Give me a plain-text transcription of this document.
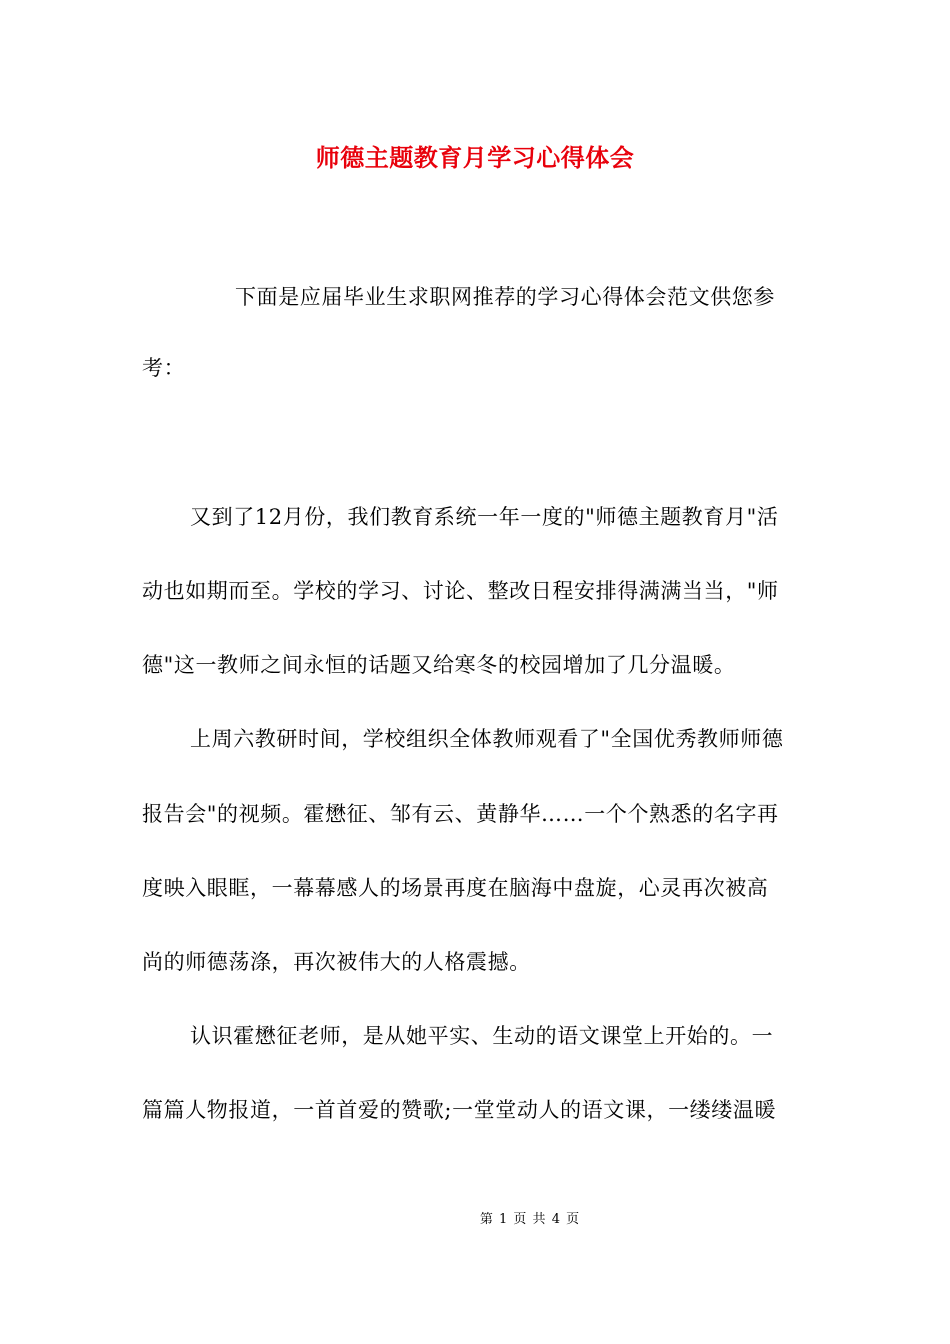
师德主题教育月学习心得体会
下面是应届毕业生求职网推荐的学习心得体会范文供您参
考：
又到了12月份，我们教育系统一年一度的"师德主题教育月"活
动也如期而至。学校的学习、讨论、整改日程安排得满满当当，"师
德"这一教师之间永恒的话题又给寒冬的校园增加了几分温暖。
上周六教研时间，学校组织全体教师观看了"全国优秀教师师德
报告会"的视频。霍懋征、邹有云、黄静华……一个个熟悉的名字再
度映入眼眶，一幕幕感人的场景再度在脑海中盘旋，心灵再次被高
尚的师德荡涤，再次被伟大的人格震撼。
认识霍懋征老师，是从她平实、生动的语文课堂上开始的。一
篇篇人物报道，一首首爱的赞歌;一堂堂动人的语文课，一缕缕温暖
第 1 页 共 4 页
